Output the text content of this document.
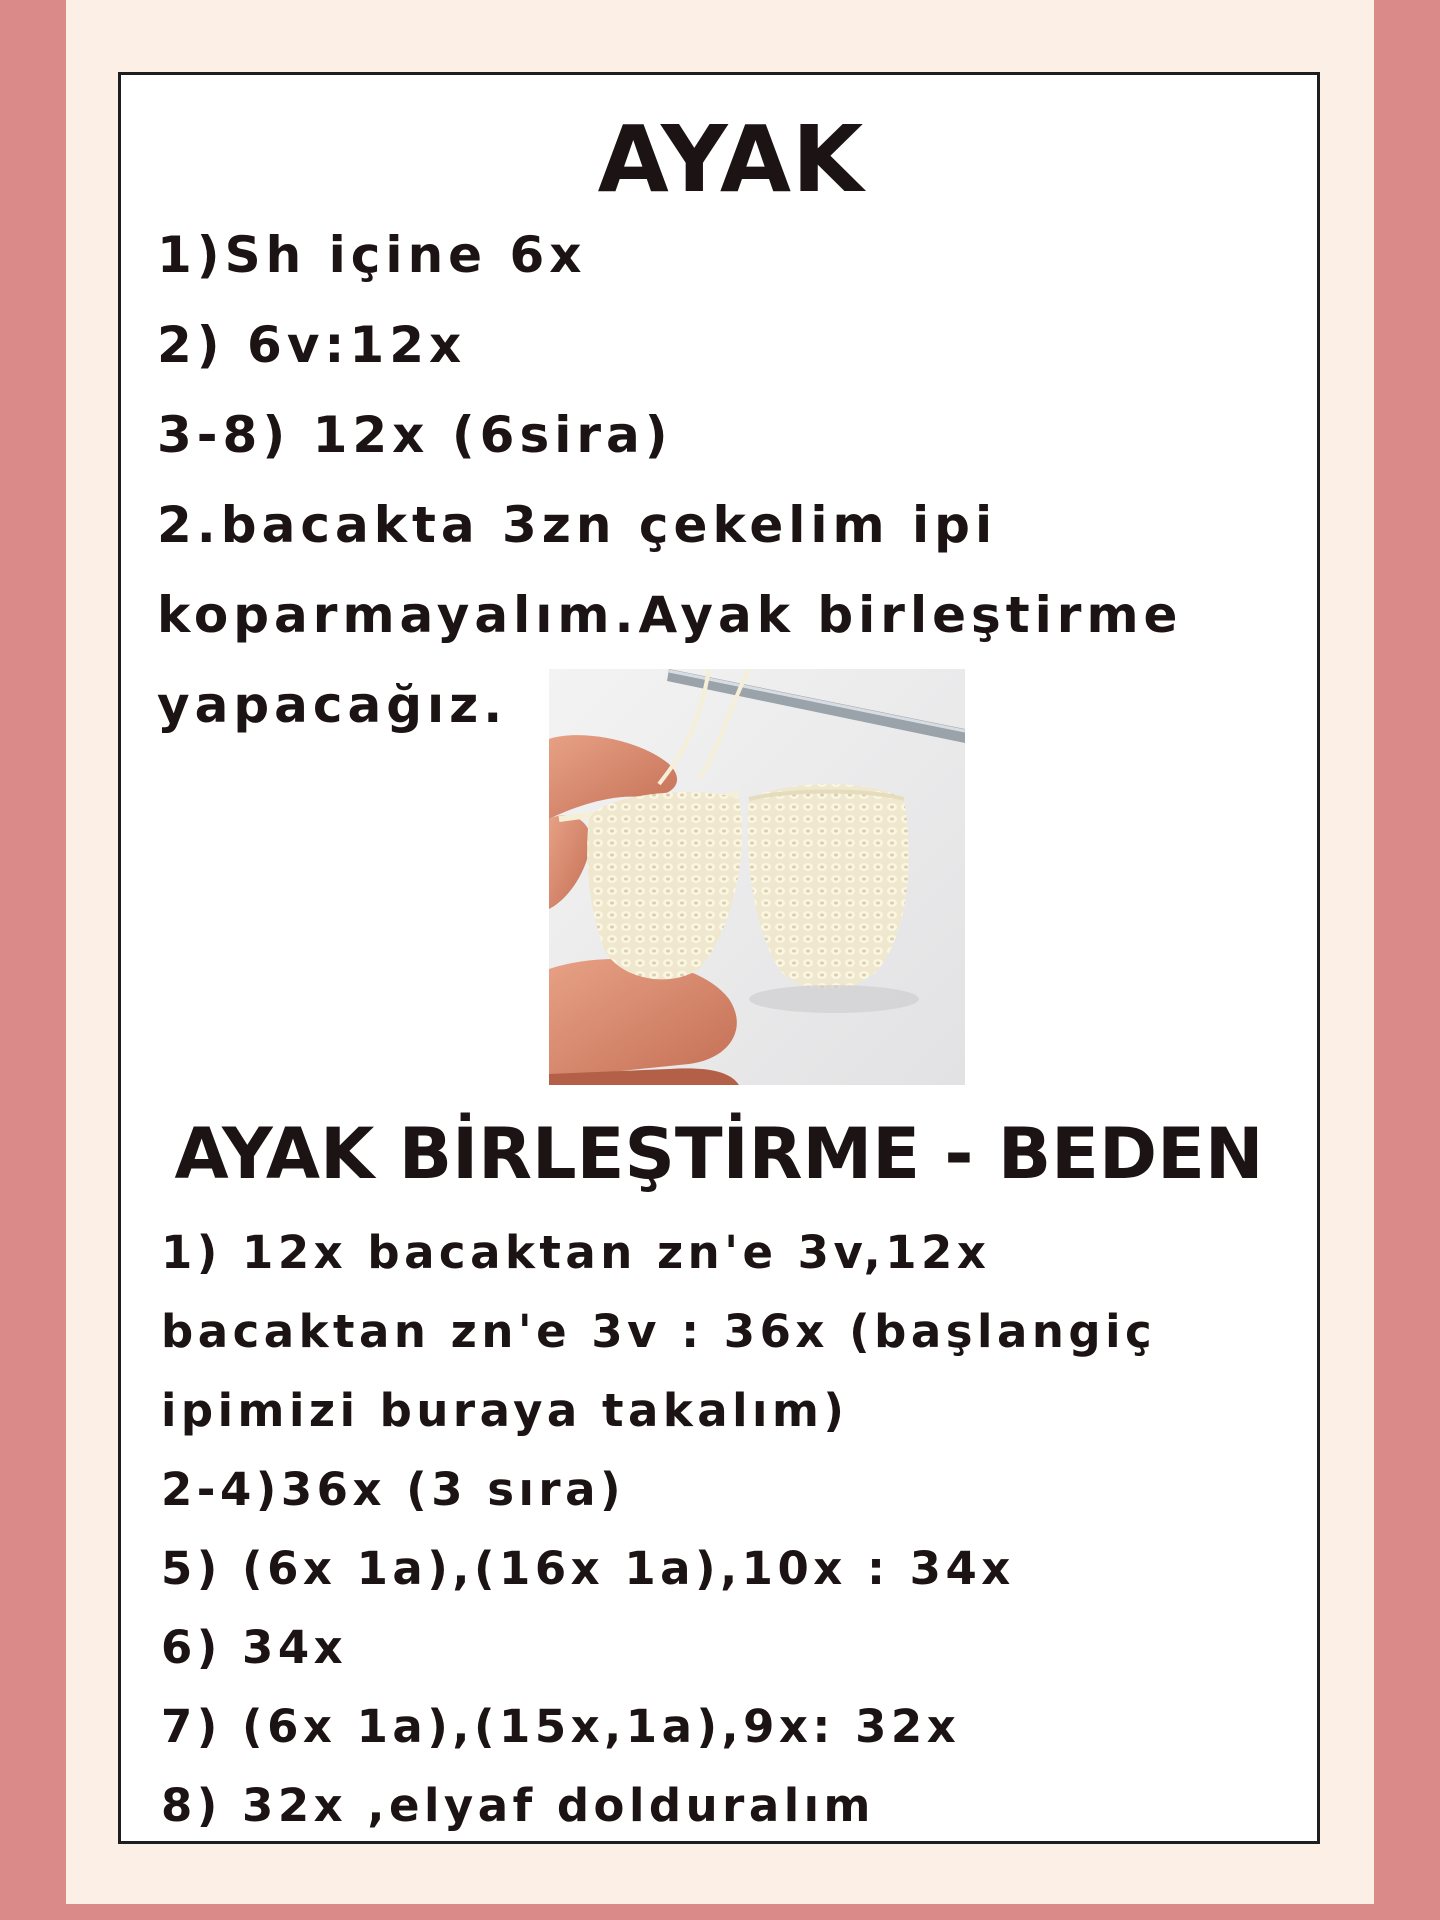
AYAK
1)Sh içine 6x
2) 6v:12x
3-8) 12x (6sira)
2.bacakta 3zn çekelim ipi
koparmayalım.Ayak birleştirme
yapacağız.
AYAK BİRLEŞTİRME - BEDEN
1) 12x bacaktan zn'e 3v,12x
bacaktan zn'e 3v : 36x (başlangiç
ipimizi buraya takalım)
2-4)36x (3 sıra)
5) (6x 1a),(16x 1a),10x : 34x
6) 34x
7) (6x 1a),(15x,1a),9x: 32x
8) 32x ,elyaf dolduralım
